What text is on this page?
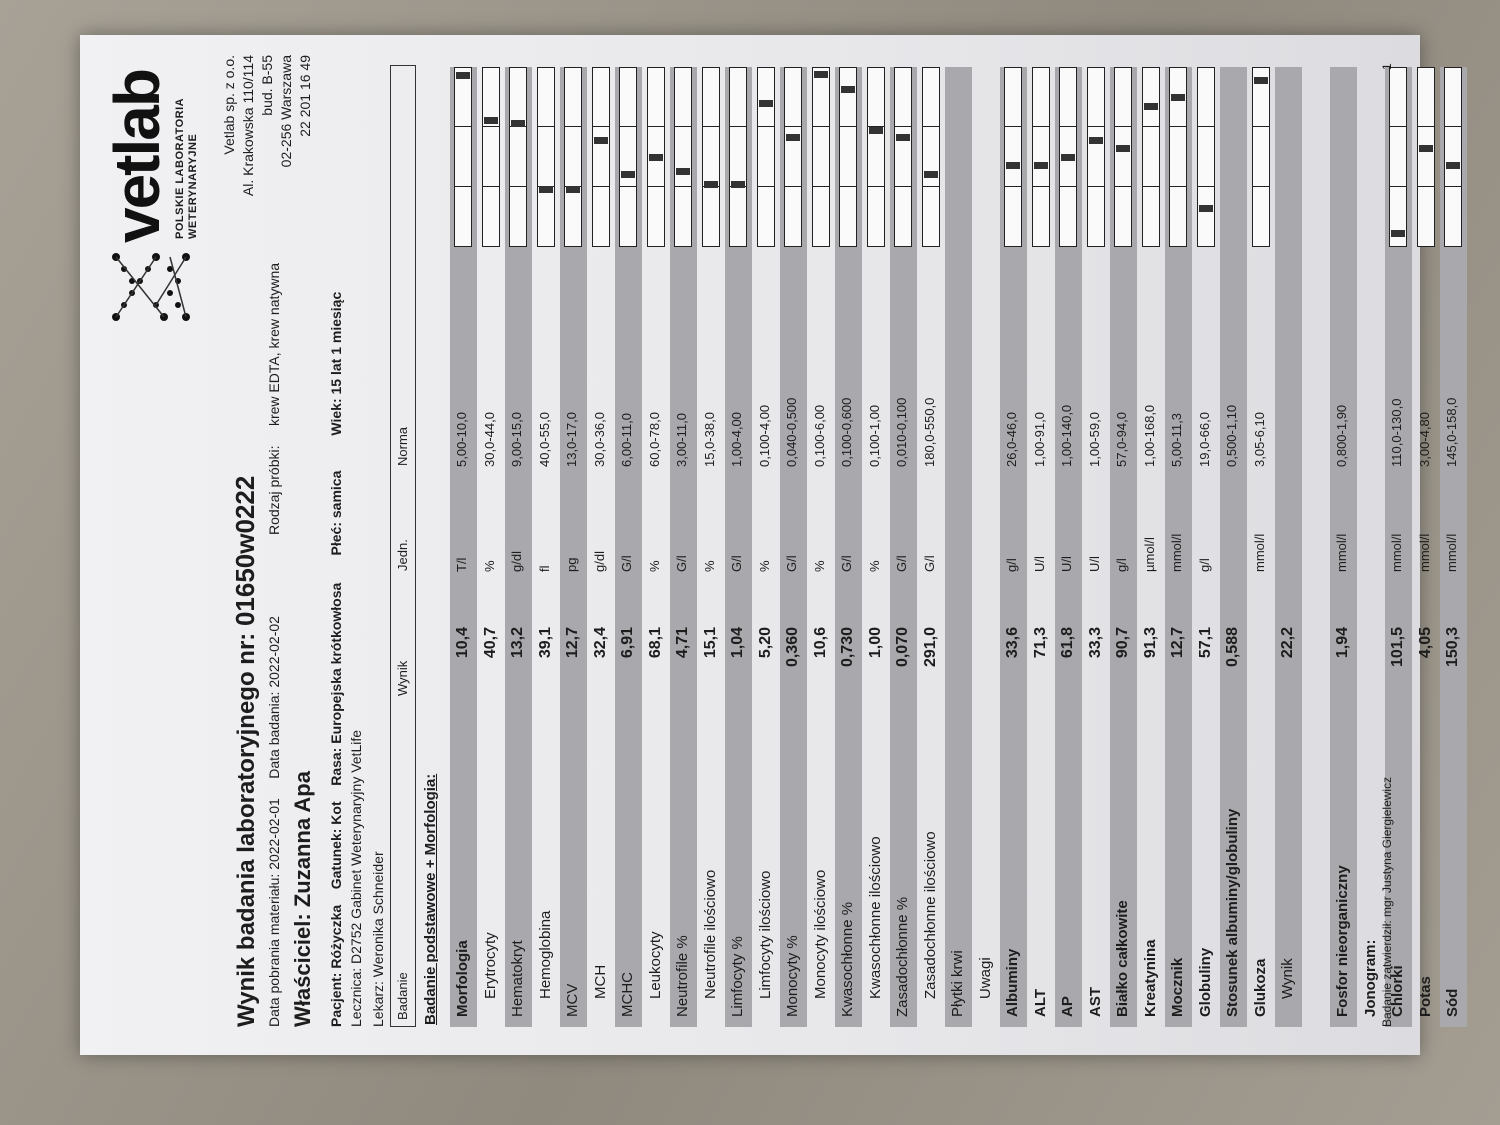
vetlab POLSKIE LABORATORIA WETERYNARYJNE
Vetlab sp. z o.o. Al. Krakowska 110/114 bud. B-55 02-256 Warszawa 22 201 16 49
Wynik badania laboratoryjnego nr: 01650w0222
Data pobrania materiału: 2022-02-01     Data badania: 2022-02-02
Rodzaj próbki:     krew EDTA, krew natywna
Właściciel: Zuzanna Apa
Pacjent: Różyczka    Gatunek: Kot    Rasa: Europejska krótkowłosa       Płeć: samica         Wiek: 15 lat 1 miesiąc
Lecznica: D2752 Gabinet Weterynaryjny VetLife Lekarz: Weronika Schneider Badanie
Wynik
Jedn.
Norma
Badanie podstawowe + Morfologia: Morfologia
10,4
T/l
5,00-10,0
Erytrocyty
40,7
%
30,0-44,0
Hematokryt
13,2
g/dl
9,00-15,0
Hemoglobina
39,1
fl
40,0-55,0
MCV
12,7
pg
13,0-17,0
MCH
32,4
g/dl
30,0-36,0
MCHC
6,91
G/l
6,00-11,0
Leukocyty
68,1
%
60,0-78,0
Neutrofile %
4,71
G/l
3,00-11,0
Neutrofile ilościowo
15,1
%
15,0-38,0
Limfocyty %
1,04
G/l
1,00-4,00
Limfocyty ilościowo
5,20
%
0,100-4,00
Monocyty %
0,360
G/l
0,040-0,500
Monocyty ilościowo
10,6
%
0,100-6,00
Kwasochłonne %
0,730
G/l
0,100-0,600
Kwasochłonne ilościowo
1,00
%
0,100-1,00
Zasadochłonne %
0,070
G/l
0,010-0,100
Zasadochłonne ilościowo
291,0
G/l
180,0-550,0
Płytki krwi Uwagi Albuminy
33,6
g/l
26,0-46,0
ALT
71,3
U/l
1,00-91,0
AP
61,8
U/l
1,00-140,0
AST
33,3
U/l
1,00-59,0
Białko całkowite
90,7
g/l
57,0-94,0
Kreatynina
91,3
µmol/l
1,00-168,0
Mocznik
12,7
mmol/l
5,00-11,3
Globuliny
57,1
g/l
19,0-66,0
Stosunek albuminy/globuliny
0,588
0,500-1,10
Glukoza
mmol/l
3,05-6,10
Wynik
22,2
Fosfor nieorganiczny
1,94
mmol/l
0,800-1,90
Jonogram: Chlorki
101,5
mmol/l
110,0-130,0
Potas
4,05
mmol/l
3,00-4,80
Sód
150,3
mmol/l
145,0-158,0
Badanie zatwierdził: mgr Justyna Giergielewicz
1
